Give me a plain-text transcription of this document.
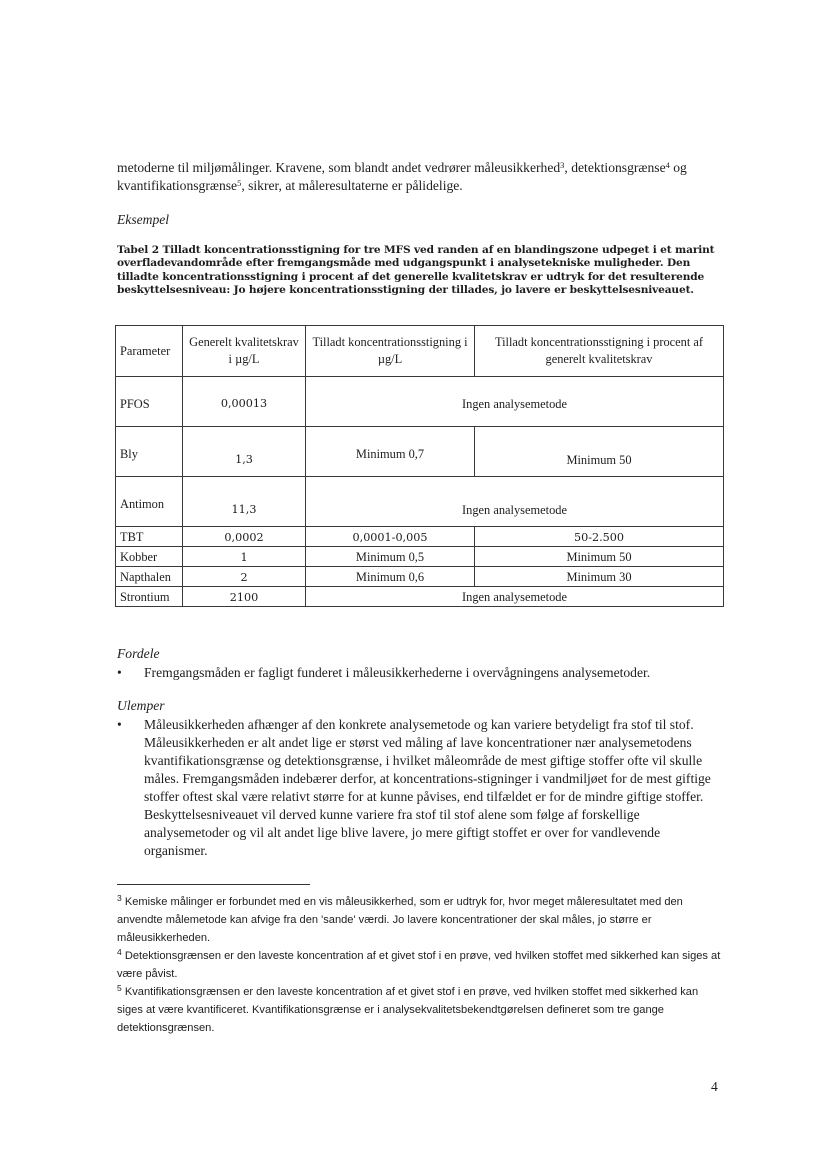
metoderne til miljømålinger. Kravene, som blandt andet vedrører måleusikkerhed$^3$, detektionsgrænse$^4$ og kvantifikationsgrænse$^5$, sikrer, at måleresultaterne er pålidelige.

Eksempel

Tabel 2 Tilladt koncentrationsstigning for tre MFS ved randen af en blandingszone udpeget i et marint overfladevandområde efter fremgangsmåde med udgangspunkt i analysetekniske muligheder. Den tilladte koncentrationsstigning i procent af det generelle kvalitetskrav er udtryk for det resulterende beskyttelsesniveau: Jo højere koncentrationsstigning der tillades, jo lavere er beskyttelsesniveauet.

Parameter	Generelt kvalitetskrav i µg/L	Tilladt koncentrationsstigning i µg/L	Tilladt koncentrationsstigning i procent af generelt kvalitetskrav
PFOS	0,00013	Ingen analysemetode	
Bly	1,3	Minimum 0,7	Minimum 50
Antimon	11,3	Ingen analysemetode	
TBT	0,0002	0,0001-0,005	50-2.500
Kobber	1	Minimum 0,5	Minimum 50
Napthalen	2	Minimum 0,6	Minimum 30
Strontium	2100	Ingen analysemetode	

Fordele

• Fremgangsmåden er fagligt funderet i måleusikkerhederne i overvågningens analysemetoder.

Ulemper

• Måleusikkerheden afhænger af den konkrete analysemetode og kan variere betydeligt fra stof til stof. Måleusikkerheden er alt andet lige er størst ved måling af lave koncentrationer nær analysemetodens kvantifikationsgrænse og detektionsgrænse, i hvilket måleområde de mest giftige stoffer ofte vil skulle måles. Fremgangsmåden indebærer derfor, at koncentrations-stigninger i vandmiljøet for de mest giftige stoffer oftest skal være relativt større for at kunne påvises, end tilfældet er for de mindre giftige stoffer. Beskyttelsesniveauet vil derved kunne variere fra stof til stof alene som følge af forskellige analysemetoder og vil alt andet lige blive lavere, jo mere giftigt stoffet er over for vandlevende organismer.

$^3$ Kemiske målinger er forbundet med en vis måleusikkerhed, som er udtryk for, hvor meget måleresultatet med den anvendte målemetode kan afvige fra den 'sande' værdi. Jo lavere koncentrationer der skal måles, jo større er måleusikkerheden.

$^4$ Detektionsgrænsen er den laveste koncentration af et givet stof i en prøve, ved hvilken stoffet med sikkerhed kan siges at være påvist.

$^5$ Kvantifikationsgrænsen er den laveste koncentration af et givet stof i en prøve, ved hvilken stoffet med sikkerhed kan siges at være kvantificeret. Kvantifikationsgrænse er i analysekvalitetsbekendtgørelsen defineret som tre gange detektionsgrænsen.

4
